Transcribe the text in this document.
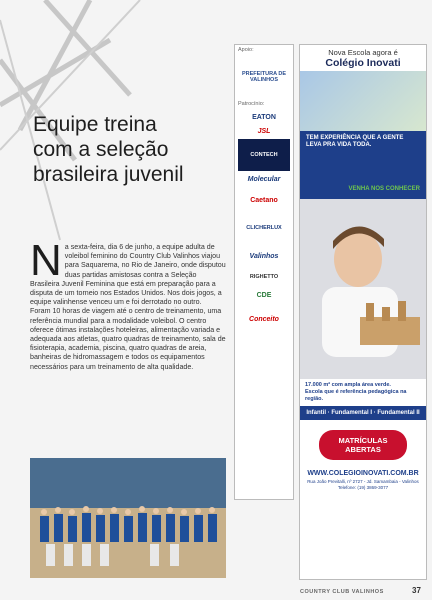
Equipe treina
com a seleção
brasileira juvenil
N a sexta-feira, dia 6 de junho, a equipe adulta de voleibol feminino do Country Club Valinhos viajou para Saquarema, no Rio de Janeiro, onde disputou duas partidas amistosas contra a Seleção Brasileira Juvenil Feminina que está em preparação para a disputa de um torneio nos Estados Unidos. Nos dois jogos, a equipe valinhense venceu um e foi derrotado no outro.

Foram 10 horas de viagem até o centro de treinamento, uma referência mundial para a modalidade voleibol. O centro oferece ótimas instalações hoteleiras, alimentação variada e adequada aos atletas, quatro quadras de treinamento, sala de fisioterapia, academia, piscina, quatro quadras de areia, banheiras de hidromassagem e todos os equipamentos necessários para um treinamento de alta qualidade.

Apoio:
PREFEITURA DE VALINHOS
Patrocínio:
EATON
JSL
CONTECH
Molecular
Caetano
CLICHERLUX
Valinhos
RIGHETTO
CDE
Conceito
Nova Escola agora é
Colégio Inovati
TEM EXPERIÊNCIA QUE A GENTE LEVA PRA VIDA TODA.
VENHA NOS CONHECER
17.000 m² com ampla área verde.
Escola que é referência pedagógica na região.
Infantil · Fundamental I · Fundamental II
MATRÍCULAS
ABERTAS
WWW.COLEGIOINOVATI.COM.BR
Rua João Previtalli, nº 2727 - Jd. Samambaia - Valinhos
Telefone: (19) 3869-3077
COUNTRY CLUB VALINHOS	37
